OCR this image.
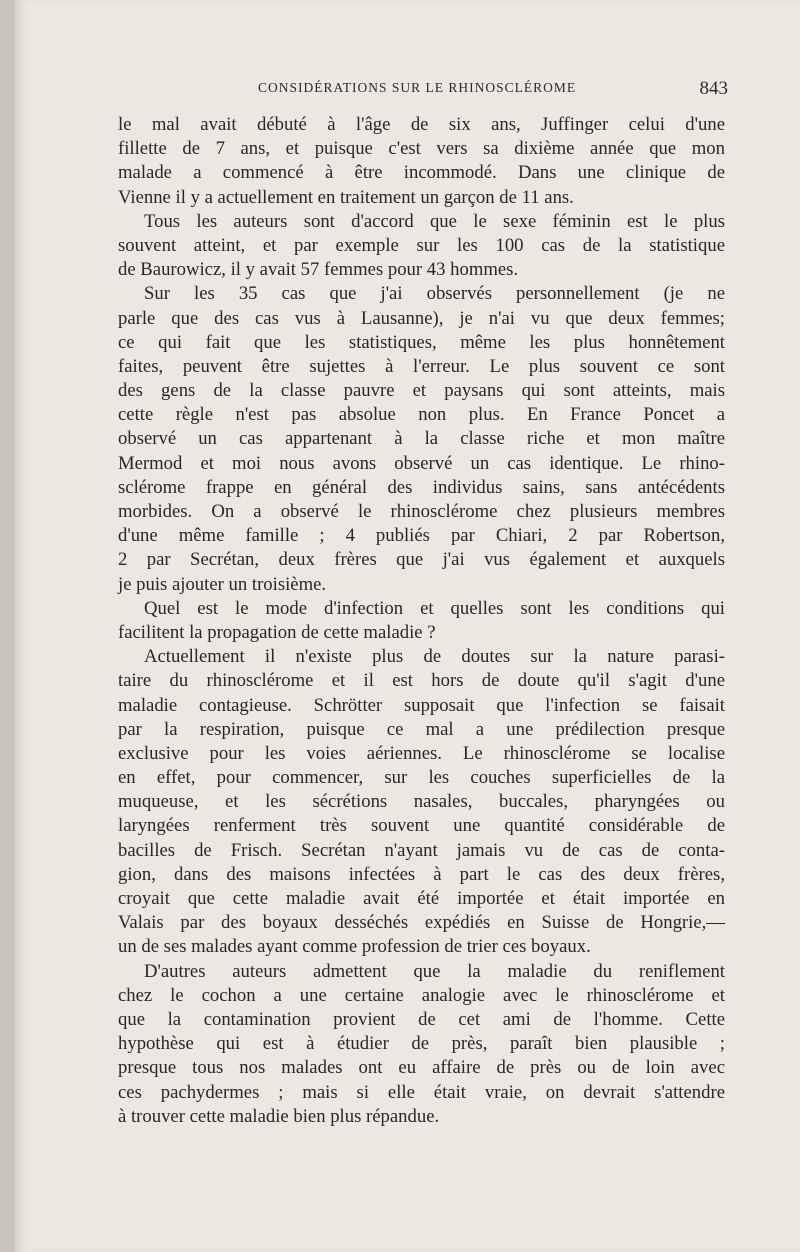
CONSIDÉRATIONS SUR LE RHINOSCLÉROME	843
le mal avait débuté à l'âge de six ans, Juffinger celui d'une
fillette de 7 ans, et puisque c'est vers sa dixième année que mon
malade a commencé à être incommodé. Dans une clinique de
Vienne il y a actuellement en traitement un garçon de 11 ans.
Tous les auteurs sont d'accord que le sexe féminin est le plus
souvent atteint, et par exemple sur les 100 cas de la statistique
de Baurowicz, il y avait 57 femmes pour 43 hommes.
Sur les 35 cas que j'ai observés personnellement (je ne
parle que des cas vus à Lausanne), je n'ai vu que deux femmes;
ce qui fait que les statistiques, même les plus honnêtement
faites, peuvent être sujettes à l'erreur. Le plus souvent ce sont
des gens de la classe pauvre et paysans qui sont atteints, mais
cette règle n'est pas absolue non plus. En France Poncet a
observé un cas appartenant à la classe riche et mon maître
Mermod et moi nous avons observé un cas identique. Le rhino-
sclérome frappe en général des individus sains, sans antécédents
morbides. On a observé le rhinosclérome chez plusieurs membres
d'une même famille ; 4 publiés par Chiari, 2 par Robertson,
2 par Secrétan, deux frères que j'ai vus également et auxquels
je puis ajouter un troisième.
Quel est le mode d'infection et quelles sont les conditions qui
facilitent la propagation de cette maladie ?
Actuellement il n'existe plus de doutes sur la nature parasi-
taire du rhinosclérome et il est hors de doute qu'il s'agit d'une
maladie contagieuse. Schrötter supposait que l'infection se faisait
par la respiration, puisque ce mal a une prédilection presque
exclusive pour les voies aériennes. Le rhinosclérome se localise
en effet, pour commencer, sur les couches superficielles de la
muqueuse, et les sécrétions nasales, buccales, pharyngées ou
laryngées renferment très souvent une quantité considérable de
bacilles de Frisch. Secrétan n'ayant jamais vu de cas de conta-
gion, dans des maisons infectées à part le cas des deux frères,
croyait que cette maladie avait été importée et était importée en
Valais par des boyaux desséchés expédiés en Suisse de Hongrie,—
un de ses malades ayant comme profession de trier ces boyaux.
D'autres auteurs admettent que la maladie du reniflement
chez le cochon a une certaine analogie avec le rhinosclérome et
que la contamination provient de cet ami de l'homme. Cette
hypothèse qui est à étudier de près, paraît bien plausible ;
presque tous nos malades ont eu affaire de près ou de loin avec
ces pachydermes ; mais si elle était vraie, on devrait s'attendre
à trouver cette maladie bien plus répandue.
